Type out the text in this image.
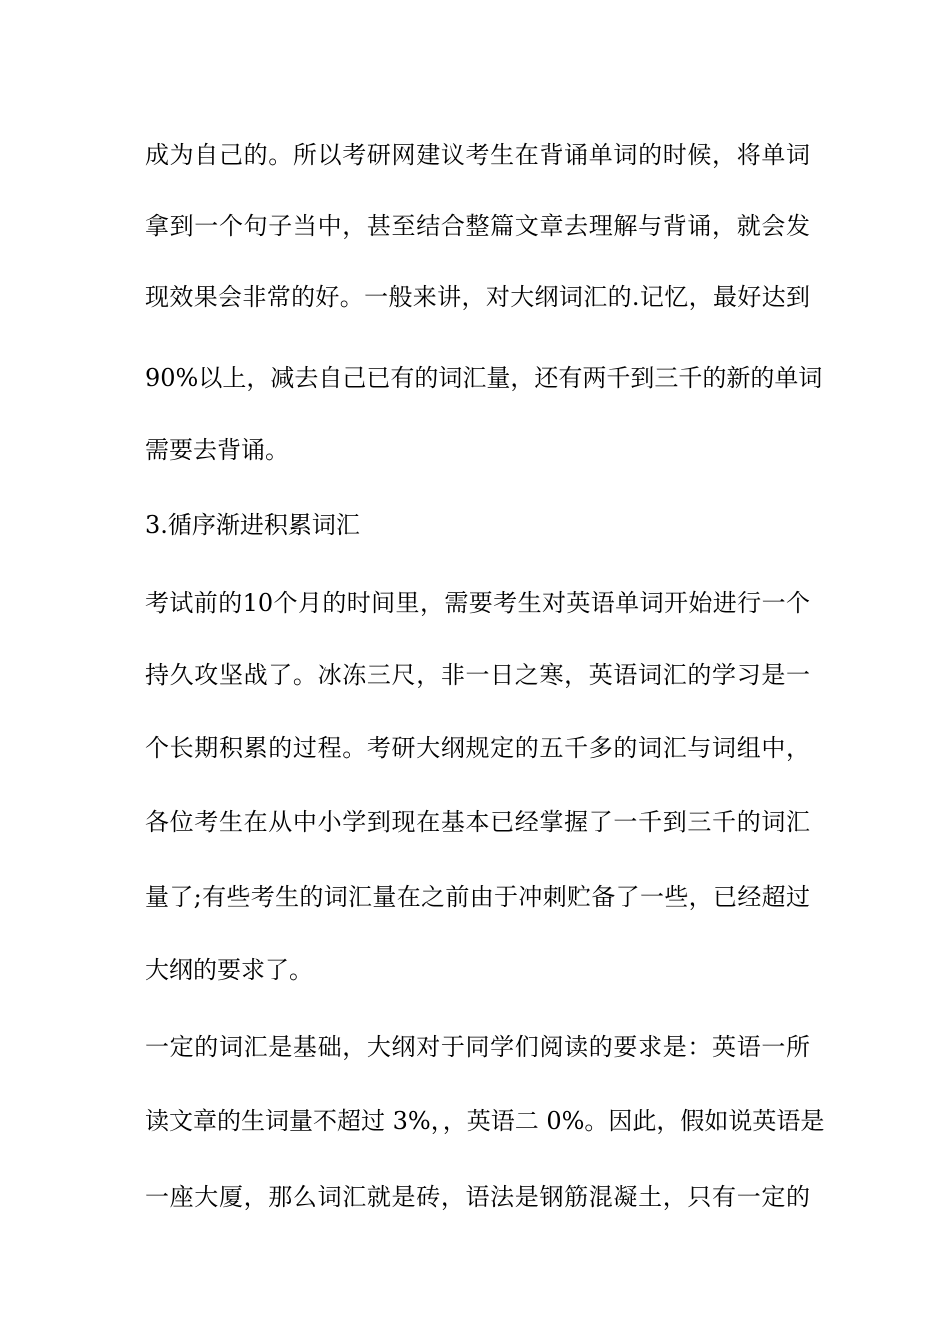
成为自己的。所以考研网建议考生在背诵单词的时候，将单词

拿到一个句子当中，甚至结合整篇文章去理解与背诵，就会发

现效果会非常的好。一般来讲，对大纲词汇的.记忆，最好达到

90%以上，减去自己已有的词汇量，还有两千到三千的新的单词

需要去背诵。

3.循序渐进积累词汇

考试前的10个月的时间里，需要考生对英语单词开始进行一个

持久攻坚战了。冰冻三尺，非一日之寒，英语词汇的学习是一

个长期积累的过程。考研大纲规定的五千多的词汇与词组中，

各位考生在从中小学到现在基本已经掌握了一千到三千的词汇

量了;有些考生的词汇量在之前由于冲刺贮备了一些，已经超过

大纲的要求了。

一定的词汇是基础，大纲对于同学们阅读的要求是：英语一所

读文章的生词量不超过 3%，，英语二 0%。因此，假如说英语是

一座大厦，那么词汇就是砖，语法是钢筋混凝土，只有一定的
